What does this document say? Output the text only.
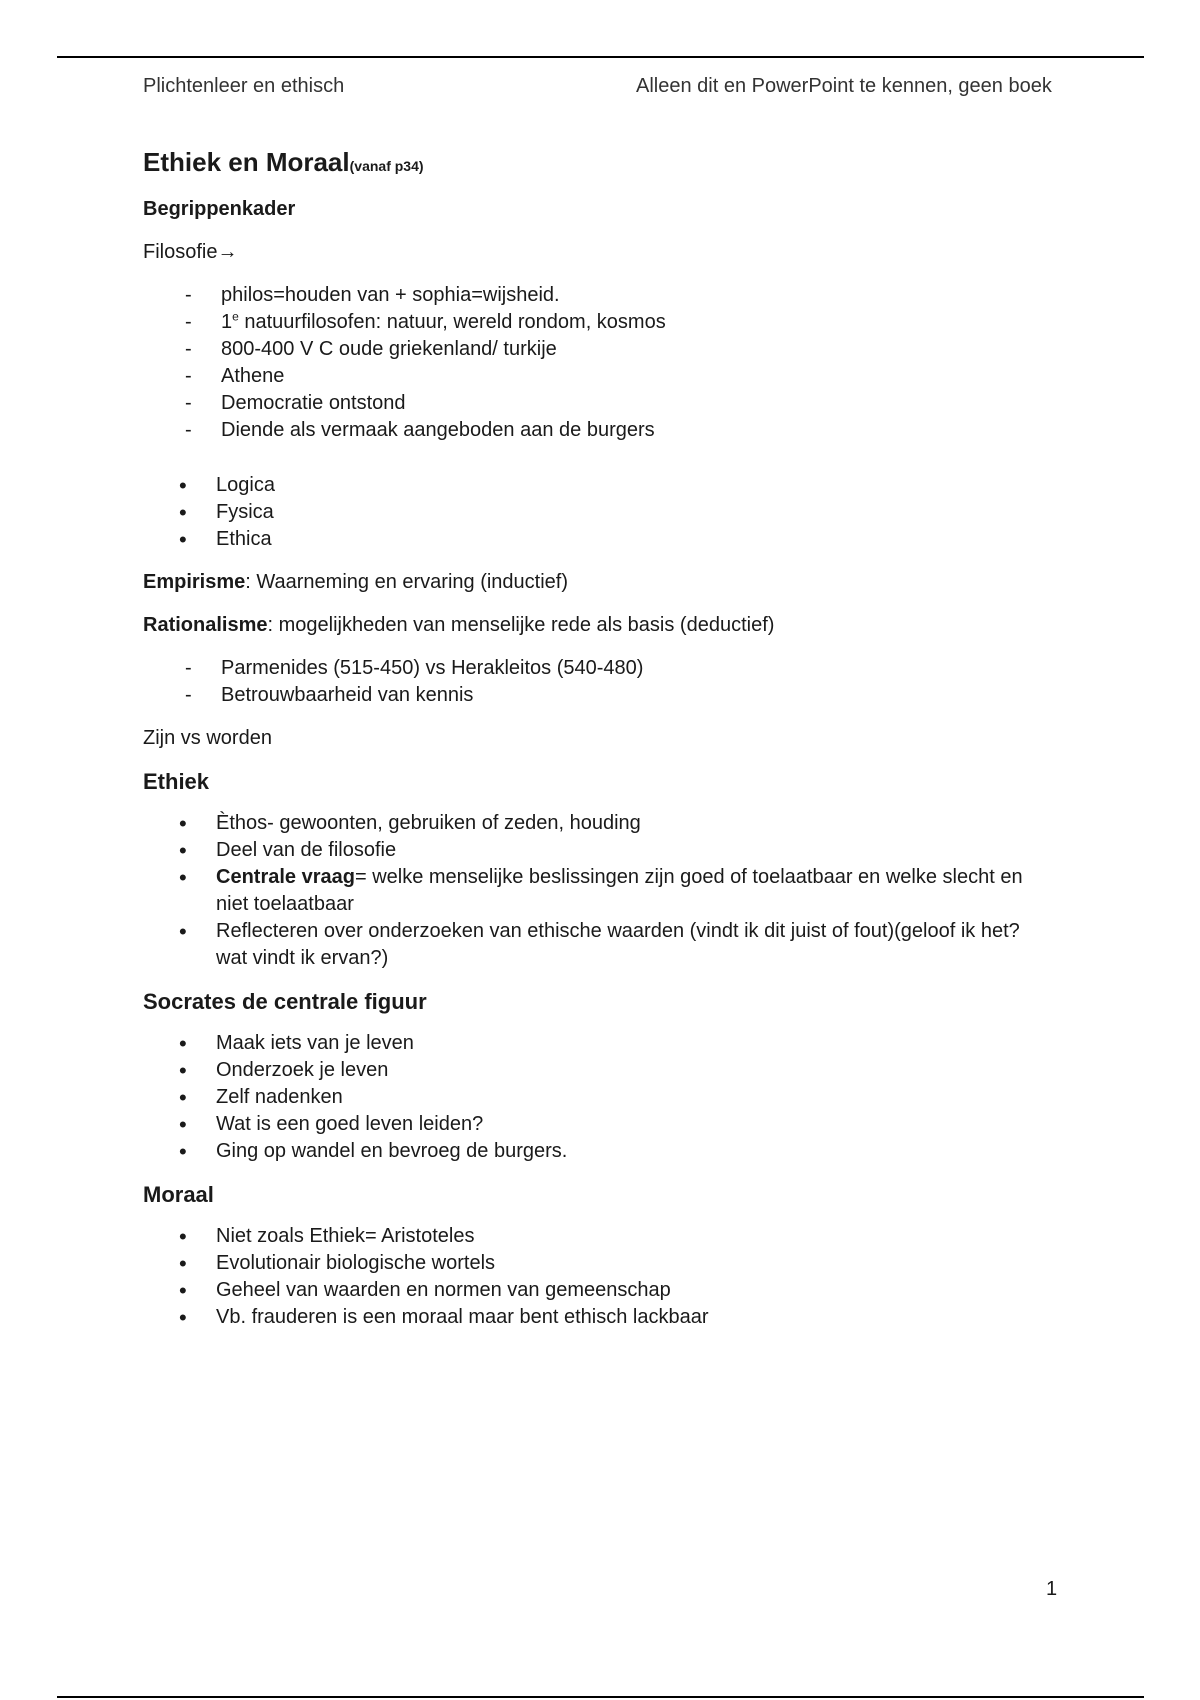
Plichtenleer en ethisch	Alleen dit en PowerPoint te kennen, geen boek
Ethiek en Moraal(vanaf p34)

Begrippenkader

Filosofie→

- philos=houden van + sophia=wijsheid.
- 1e natuurfilosofen: natuur, wereld rondom, kosmos
- 800-400 V C oude griekenland/ turkije
- Athene
- Democratie ontstond
- Diende als vermaak aangeboden aan de burgers
• Logica
• Fysica
• Ethica

Empirisme: Waarneming en ervaring (inductief)

Rationalisme: mogelijkheden van menselijke rede als basis (deductief)

- Parmenides (515-450) vs Herakleitos (540-480)
- Betrouwbaarheid van kennis

Zijn vs worden

Ethiek
• Èthos- gewoonten, gebruiken of zeden, houding
• Deel van de filosofie
• Centrale vraag= welke menselijke beslissingen zijn goed of toelaatbaar en welke slecht en niet toelaatbaar
• Reflecteren over onderzoeken van ethische waarden (vindt ik dit juist of fout)(geloof ik het? wat vindt ik ervan?)
Socrates de centrale figuur
• Maak iets van je leven
• Onderzoek je leven
• Zelf nadenken
• Wat is een goed leven leiden?
• Ging op wandel en bevroeg de burgers.
Moraal
• Niet zoals Ethiek= Aristoteles
• Evolutionair biologische wortels
• Geheel van waarden en normen van gemeenschap
• Vb. frauderen is een moraal maar bent ethisch lackbaar
1
